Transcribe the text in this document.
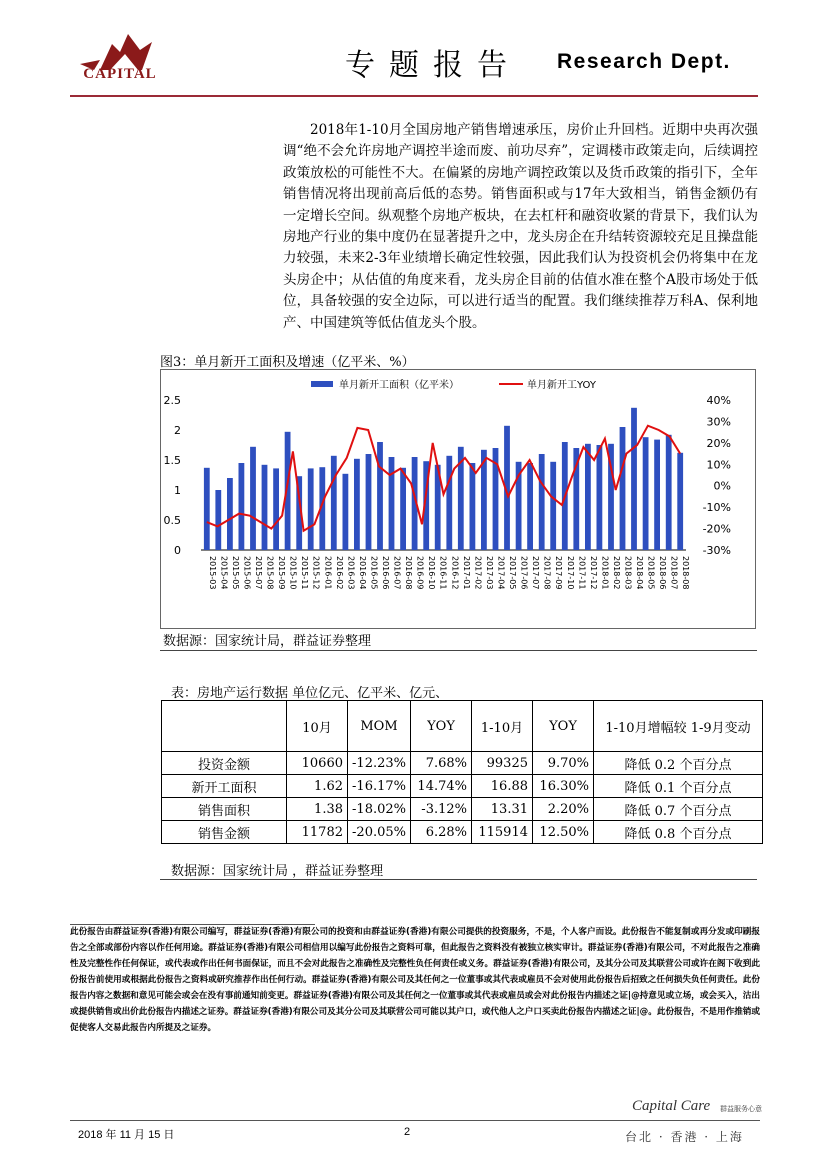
CAPITAL	专题报告 Research Dept.
2018年1-10月全国房地产销售增速承压，房价止升回档。近期中央再次强调“绝不会允许房地产调控半途而废、前功尽弃”，定调楼市政策走向，后续调控政策放松的可能性不大。在偏紧的房地产调控政策以及货币政策的指引下，全年销售情况将出现前高后低的态势。销售面积或与17年大致相当，销售金额仍有一定增长空间。纵观整个房地产板块，在去杠杆和融资收紧的背景下，我们认为房地产行业的集中度仍在显著提升之中，龙头房企在升结转资源较充足且操盘能力较强，未来2-3年业绩增长确定性较强，因此我们认为投资机会仍将集中在龙头房企中；从估值的角度来看，龙头房企目前的估值水准在整个A股市场处于低位，具备较强的安全边际，可以进行适当的配置。我们继续推荐万科A、保利地产、中国建筑等低估值龙头个股。
图3：单月新开工面积及增速（亿平米、%）
单月新开工面积（亿平米）	单月新开工YOY
0
0.5
1
1.5
2
2.5
-30%
-20%
-10%
0%
10%
20%
30%
40%
2015-03 2015-04 2015-05 2015-06 2015-07 2015-08 2015-09 2015-10 2015-11 2015-12 2016-01 2016-02 2016-03 2016-04 2016-05 2016-06 2016-07 2016-08 2016-09 2016-10 2016-11 2016-12 2017-01 2017-02 2017-03 2017-04 2017-05 2017-06 2017-07 2017-08 2017-09 2017-10 2017-11 2017-12 2018-01 2018-02 2018-03 2018-04 2018-05 2018-06 2018-07 2018-08
数据源：国家统计局，群益证券整理
表：房地产运行数据 单位亿元、亿平米、亿元、
	10月	MOM	YOY	1-10月	YOY	1-10月增幅较 1-9月变动
投资金额	10660	-12.23%	7.68%	99325	9.70%	降低 0.2 个百分点
新开工面积	1.62	-16.17%	14.74%	16.88	16.30%	降低 0.1 个百分点
销售面积	1.38	-18.02%	-3.12%	13.31	2.20%	降低 0.7 个百分点
销售金额	11782	-20.05%	6.28%	115914	12.50%	降低 0.8 个百分点
数据源：国家统计局 ，群益证券整理
此份报告由群益证券(香港)有限公司编写，群益证券(香港)有限公司的投资和由群益证券(香港)有限公司提供的投资服务，不是，个人客户而设。此份报告不能复制或再分发或印刷报告之全部或部份内容以作任何用途。群益证券(香港)有限公司相信用以编写此份报告之资料可靠，但此报告之资料没有被独立核实审计。群益证券(香港)有限公司，不对此报告之准确性及完整性作任何保证，或代表或作出任何书面保证，而且不会对此报告之准确性及完整性负任何责任或义务。群益证券(香港)有限公司，及其分公司及其联营公司或许在阁下收到此份报告前使用或根据此份报告之资料或研究推荐作出任何行动。群益证券(香港)有限公司及其任何之一位董事或其代表或雇员不会对使用此份报告后招致之任何损失负任何责任。此份报告内容之数据和意见可能会或会在没有事前通知前变更。群益证券(香港)有限公司及其任何之一位董事或其代表或雇员或会对此份报告内描述之证|@持意见或立场，或会买入，沽出或提供销售或出价此份报告内描述之证券。群益证券(香港)有限公司及其分公司及其联营公司可能以其户口，或代他人之户口买卖此份报告内描述之证|@。此份报告，不是用作推销或促使客人交易此报告内所提及之证券。
2018 年 11 月 15 日	2
Capital Care 群益服务心意
台北 · 香港 · 上海
